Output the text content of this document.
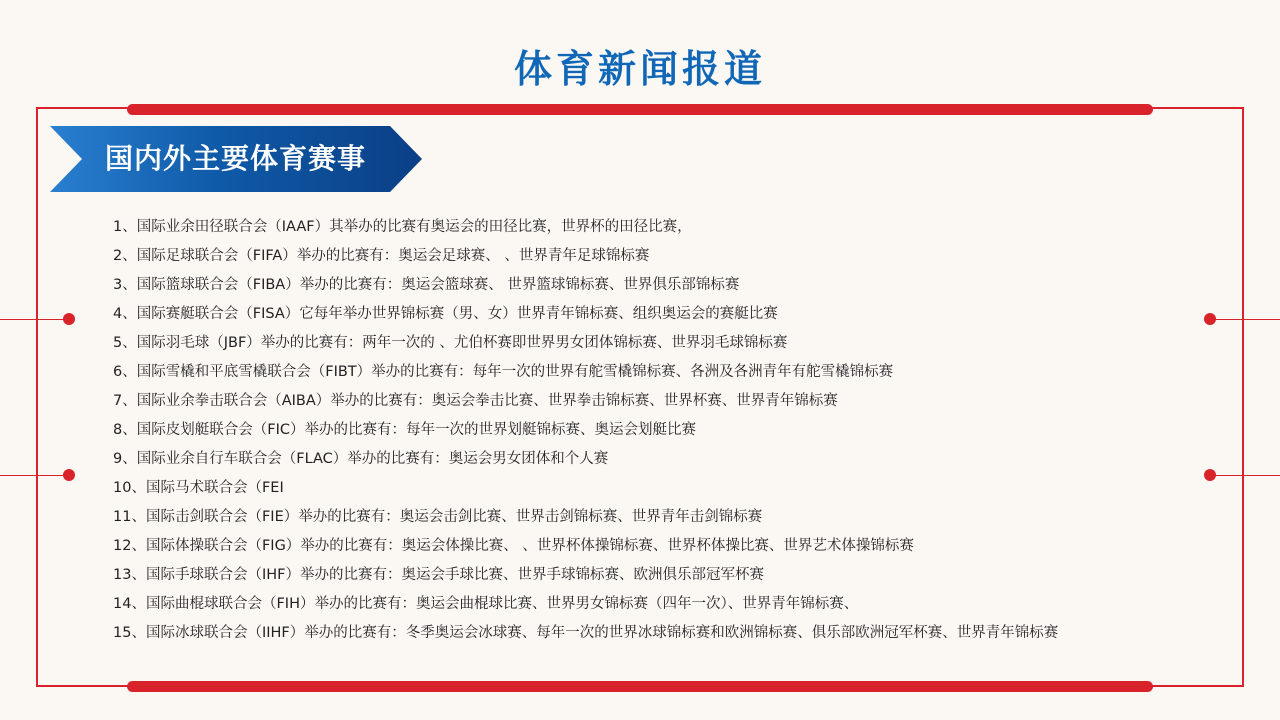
体育新闻报道
国内外主要体育赛事
1、国际业余田径联合会（IAAF）其举办的比赛有奥运会的田径比赛，世界杯的田径比赛，
2、国际足球联合会（FIFA）举办的比赛有：奥运会足球赛、 、世界青年足球锦标赛
3、国际篮球联合会（FIBA）举办的比赛有：奥运会篮球赛、 世界篮球锦标赛、世界俱乐部锦标赛
4、国际赛艇联合会（FISA）它每年举办世界锦标赛（男、女）世界青年锦标赛、组织奥运会的赛艇比赛
5、国际羽毛球（JBF）举办的比赛有：两年一次的 、尤伯杯赛即世界男女团体锦标赛、世界羽毛球锦标赛
6、国际雪橇和平底雪橇联合会（FIBT）举办的比赛有：每年一次的世界有舵雪橇锦标赛、各洲及各洲青年有舵雪橇锦标赛
7、国际业余拳击联合会（AIBA）举办的比赛有：奥运会拳击比赛、世界拳击锦标赛、世界杯赛、世界青年锦标赛
8、国际皮划艇联合会（FIC）举办的比赛有：每年一次的世界划艇锦标赛、奥运会划艇比赛
9、国际业余自行车联合会（FLAC）举办的比赛有：奥运会男女团体和个人赛
10、国际马术联合会（FEI
11、国际击剑联合会（FIE）举办的比赛有：奥运会击剑比赛、世界击剑锦标赛、世界青年击剑锦标赛
12、国际体操联合会（FIG）举办的比赛有：奥运会体操比赛、 、世界杯体操锦标赛、世界杯体操比赛、世界艺术体操锦标赛
13、国际手球联合会（IHF）举办的比赛有：奥运会手球比赛、世界手球锦标赛、欧洲俱乐部冠军杯赛
14、国际曲棍球联合会（FIH）举办的比赛有：奥运会曲棍球比赛、世界男女锦标赛（四年一次）、世界青年锦标赛、
15、国际冰球联合会（IIHF）举办的比赛有：冬季奥运会冰球赛、每年一次的世界冰球锦标赛和欧洲锦标赛、俱乐部欧洲冠军杯赛、世界青年锦标赛
